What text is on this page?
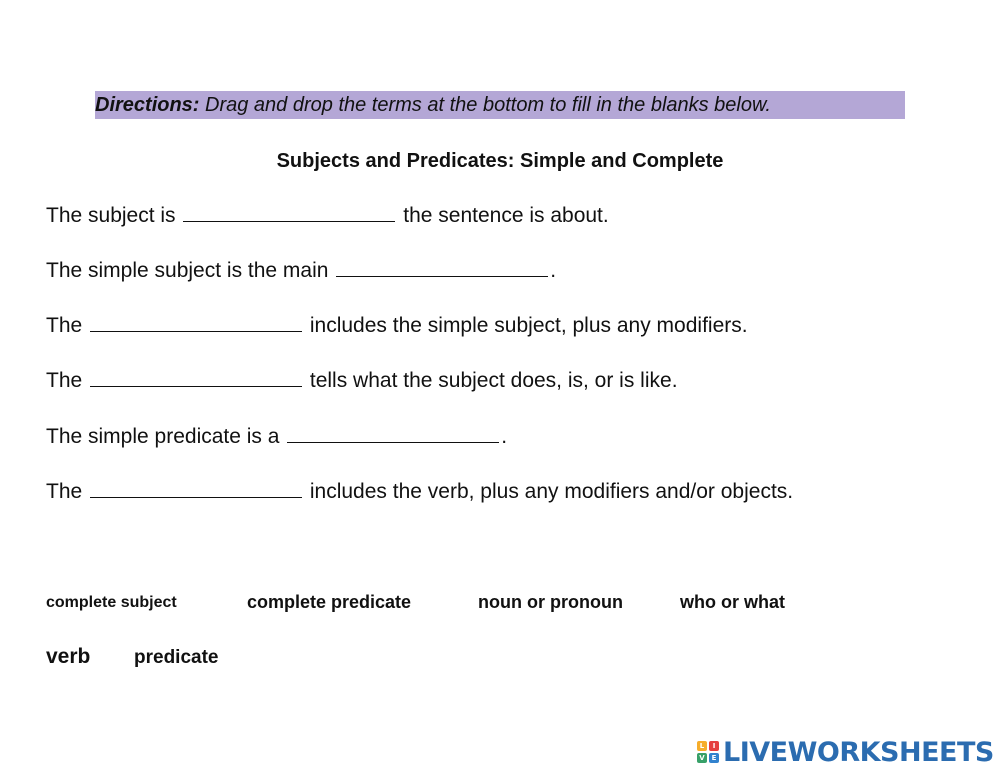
Directions: Drag and drop the terms at the bottom to fill in the blanks below.
Subjects and Predicates: Simple and Complete
The subject is	the sentence is about.
The simple subject is the main	.
The	includes the simple subject, plus any modifiers.
The	tells what the subject does, is, or is like.
The simple predicate is a	.
The	includes the verb, plus any modifiers and/or objects.
complete subject	complete predicate	noun or pronoun	who or what
verb predicate
L	I
V E LIVEWORKSHEETS
